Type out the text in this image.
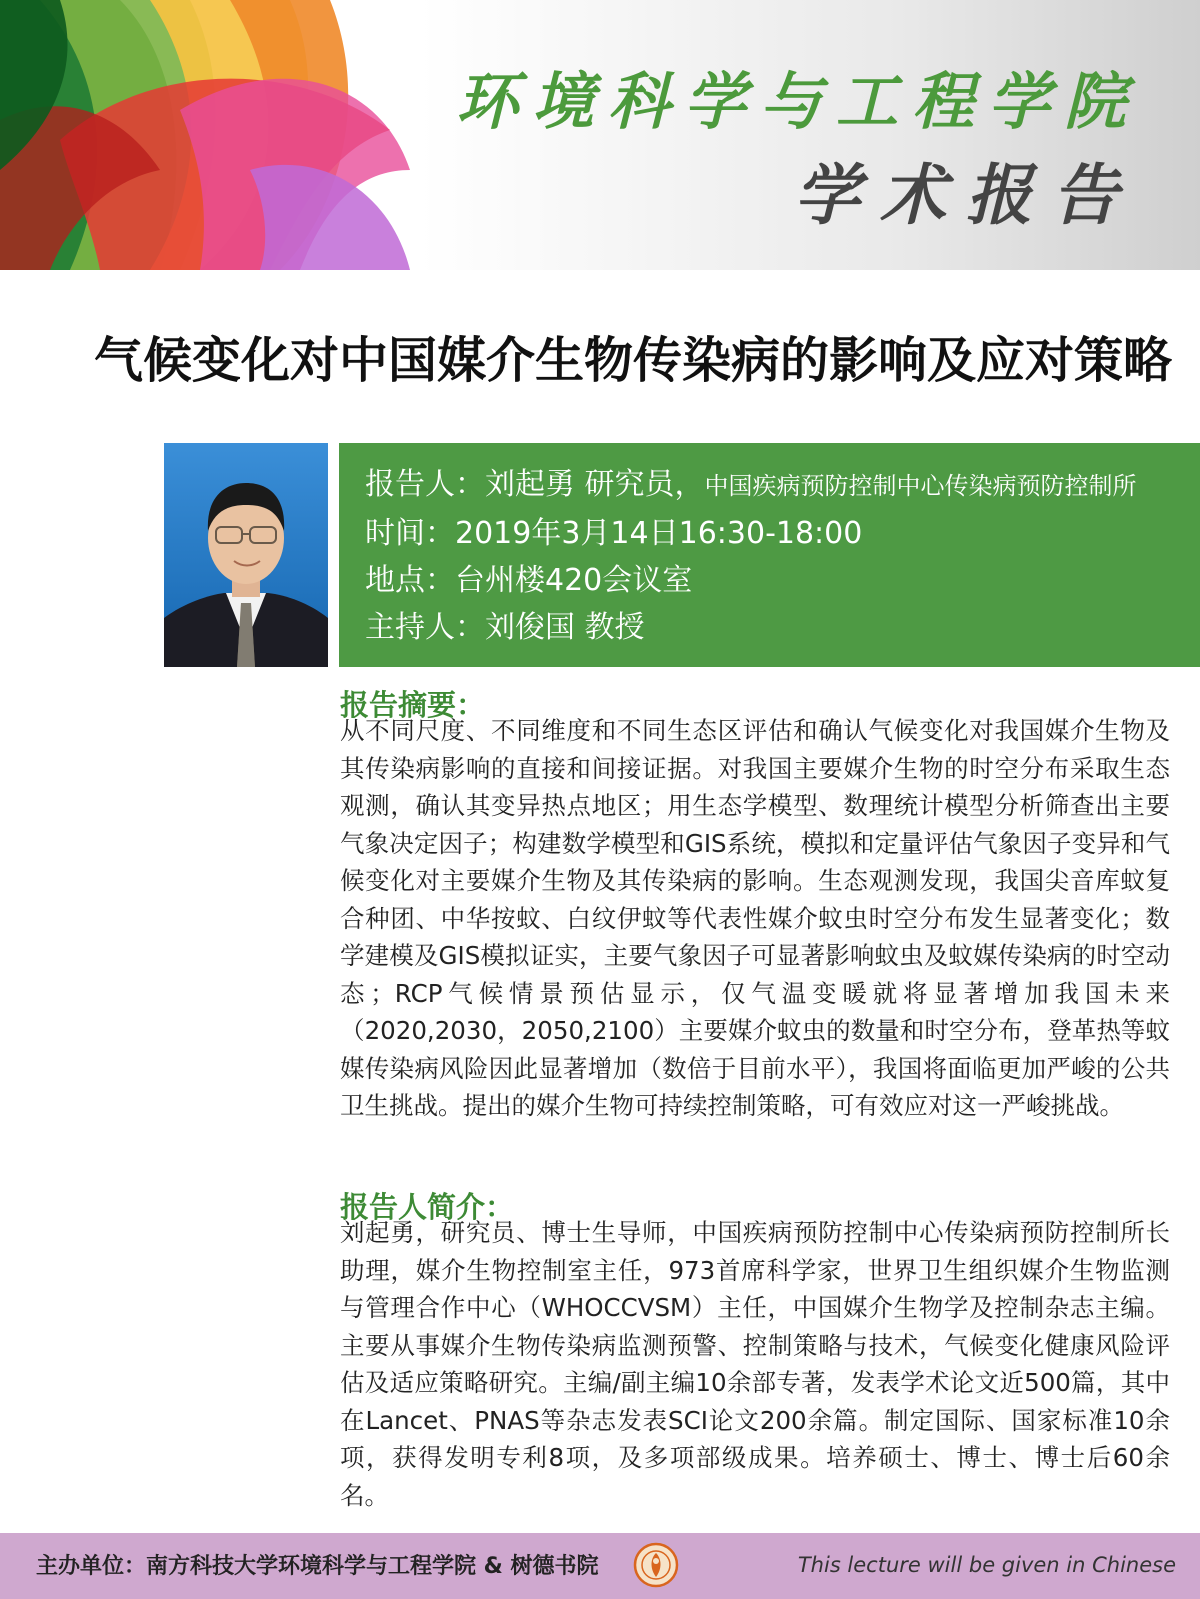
环境科学与工程学院
学术报告
气候变化对中国媒介生物传染病的影响及应对策略
报告人：刘起勇 研究员，中国疾病预防控制中心传染病预防控制所
时间：2019年3月14日16:30-18:00
地点：台州楼420会议室
主持人：刘俊国 教授
报告摘要：
从不同尺度、不同维度和不同生态区评估和确认气候变化对我国媒介生物及其传染病影响的直接和间接证据。对我国主要媒介生物的时空分布采取生态观测，确认其变异热点地区；用生态学模型、数理统计模型分析筛查出主要气象决定因子；构建数学模型和GIS系统，模拟和定量评估气象因子变异和气候变化对主要媒介生物及其传染病的影响。生态观测发现，我国尖音库蚊复合种团、中华按蚊、白纹伊蚊等代表性媒介蚊虫时空分布发生显著变化；数学建模及GIS模拟证实，主要气象因子可显著影响蚊虫及蚊媒传染病的时空动态；RCP气候情景预估显示，仅气温变暖就将显著增加我国未来（2020,2030，2050,2100）主要媒介蚊虫的数量和时空分布，登革热等蚊媒传染病风险因此显著增加（数倍于目前水平），我国将面临更加严峻的公共卫生挑战。提出的媒介生物可持续控制策略，可有效应对这一严峻挑战。
报告人简介：
刘起勇，研究员、博士生导师，中国疾病预防控制中心传染病预防控制所长助理，媒介生物控制室主任，973首席科学家，世界卫生组织媒介生物监测与管理合作中心（WHOCCVSM）主任，中国媒介生物学及控制杂志主编。主要从事媒介生物传染病监测预警、控制策略与技术，气候变化健康风险评估及适应策略研究。主编/副主编10余部专著，发表学术论文近500篇，其中在Lancet、PNAS等杂志发表SCI论文200余篇。制定国际、国家标准10余项，获得发明专利8项，及多项部级成果。培养硕士、博士、博士后60余名。
主办单位：南方科技大学环境科学与工程学院 & 树德书院	This lecture will be given in Chinese
